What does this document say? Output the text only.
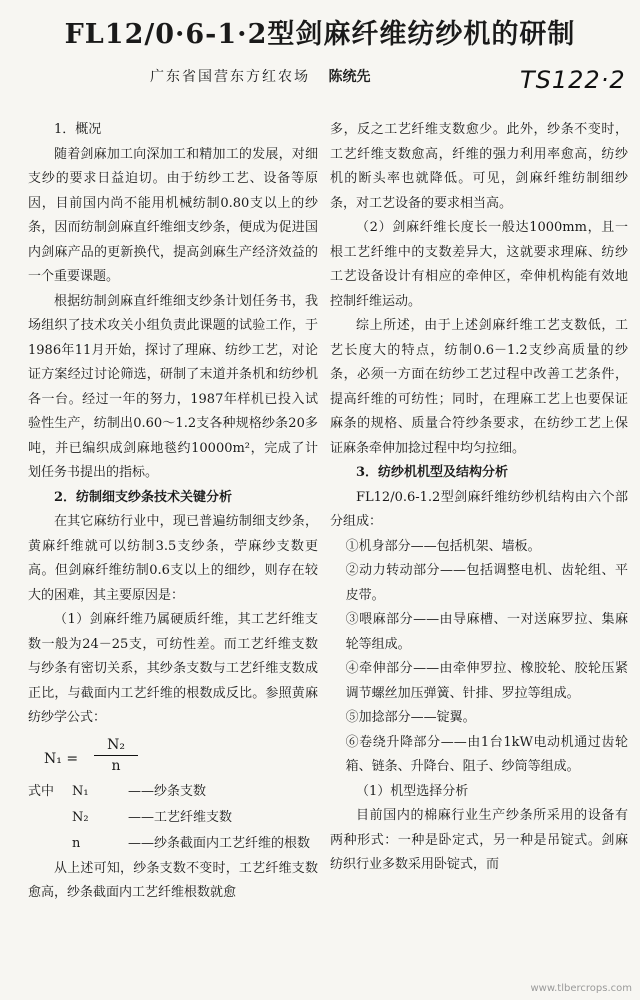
FL12/0·6-1·2型剑麻纤维纺纱机的研制
广东省国营东方红农场 陈统先	TS122·2

1．概况

随着剑麻加工向深加工和精加工的发展，对细支纱的要求日益迫切。由于纺纱工艺、设备等原因，目前国内尚不能用机械纺制0.80支以上的纱条，因而纺制剑麻直纤维细支纱条，便成为促进国内剑麻产品的更新换代，提高剑麻生产经济效益的一个重要课题。

根据纺制剑麻直纤维细支纱条计划任务书，我场组织了技术攻关小组负责此课题的试验工作，于1986年11月开始，探讨了理麻、纺纱工艺，对论证方案经过讨论筛选，研制了末道并条机和纺纱机各一台。经过一年的努力，1987年样机已投入试验性生产，纺制出0.60～1.2支各种规格纱条20多吨，并已编织成剑麻地毯约10000m²，完成了计划任务书提出的指标。

2．纺制细支纱条技术关键分析

在其它麻纺行业中，现已普遍纺制细支纱条，黄麻纤维就可以纺制3.5支纱条，苧麻纱支数更高。但剑麻纤维纺制0.6支以上的细纱，则存在较大的困难，其主要原因是：

（1）剑麻纤维乃属硬质纤维，其工艺纤维支数一般为24－25支，可纺性差。而工艺纤维支数与纱条有密切关系，其纱条支数与工艺纤维支数成正比，与截面内工艺纤维的根数成反比。参照黄麻纺纱学公式：

$N_1 = \frac{\text{N₂}}{n}$
式中	N₁	——纱条支数
N₂	——工艺纤维支数
n	——纱条截面内工艺纤维的根数

从上述可知，纱条支数不变时，工艺纤维支数愈高，纱条截面内工艺纤维根数就愈

多，反之工艺纤维支数愈少。此外，纱条不变时，工艺纤维支数愈高，纤维的强力利用率愈高，纺纱机的断头率也就降低。可见，剑麻纤维纺制细纱条，对工艺设备的要求相当高。

（2）剑麻纤维长度长一般达1000mm，且一根工艺纤维中的支数差异大，这就要求理麻、纺纱工艺设备设计有相应的牵伸区，牵伸机构能有效地控制纤维运动。

综上所述，由于上述剑麻纤维工艺支数低，工艺长度大的特点，纺制0.6－1.2支纱高质量的纱条，必须一方面在纺纱工艺过程中改善工艺条件，提高纤维的可纺性；同时，在理麻工艺上也要保证麻条的规格、质量合符纱条要求，在纺纱工艺上保证麻条牵伸加捻过程中均匀拉细。

3．纺纱机机型及结构分析

FL12/0.6-1.2型剑麻纤维纺纱机结构由六个部分组成：

①机身部分——包括机架、墙板。

②动力转动部分——包括调整电机、齿轮组、平皮带。

③喂麻部分——由导麻槽、一对送麻罗拉、集麻轮等组成。

④牵伸部分——由牵伸罗拉、橡胶轮、胶轮压紧调节螺丝加压弹簧、针排、罗拉等组成。

⑤加捻部分——锭翼。

⑥卷绕升降部分——由1台1kW电动机通过齿轮箱、链条、升降台、阻子、纱筒等组成。

（1）机型选择分析

目前国内的棉麻行业生产纱条所采用的设备有两种形式：一种是卧定式，另一种是吊锭式。剑麻纺织行业多数采用卧锭式，而

www.tlbercrops.com
